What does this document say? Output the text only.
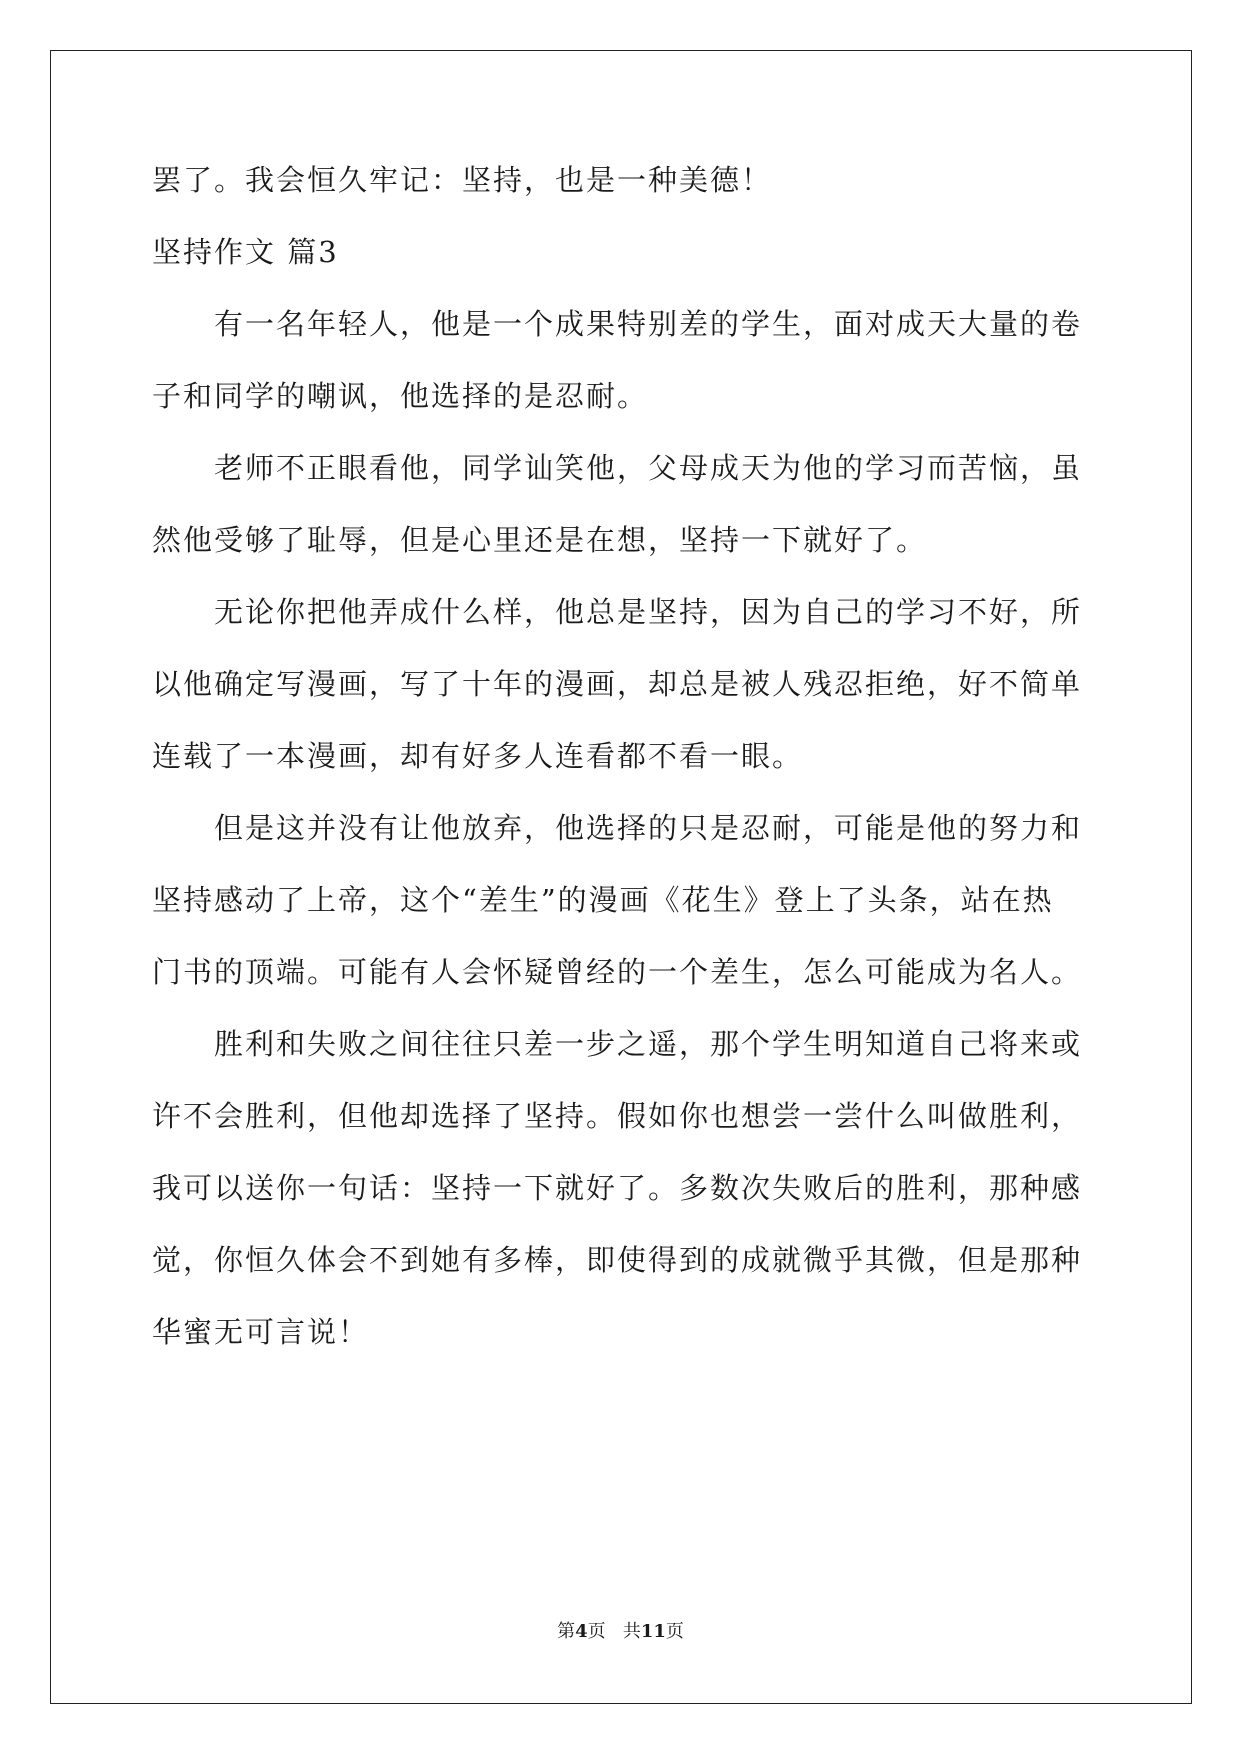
罢了。我会恒久牢记：坚持，也是一种美德！
坚持作文 篇3
　　有一名年轻人，他是一个成果特别差的学生，面对成天大量的卷
子和同学的嘲讽，他选择的是忍耐。
　　老师不正眼看他，同学讪笑他，父母成天为他的学习而苦恼，虽
然他受够了耻辱，但是心里还是在想，坚持一下就好了。
　　无论你把他弄成什么样，他总是坚持，因为自己的学习不好，所
以他确定写漫画，写了十年的漫画，却总是被人残忍拒绝，好不简单
连载了一本漫画，却有好多人连看都不看一眼。
　　但是这并没有让他放弃，他选择的只是忍耐，可能是他的努力和
坚持感动了上帝，这个“差生”的漫画《花生》登上了头条，站在热
门书的顶端。可能有人会怀疑曾经的一个差生，怎么可能成为名人。
　　胜利和失败之间往往只差一步之遥，那个学生明知道自己将来或
许不会胜利，但他却选择了坚持。假如你也想尝一尝什么叫做胜利，
我可以送你一句话：坚持一下就好了。多数次失败后的胜利，那种感
觉，你恒久体会不到她有多棒，即使得到的成就微乎其微，但是那种
华蜜无可言说！
第4页 共11页
